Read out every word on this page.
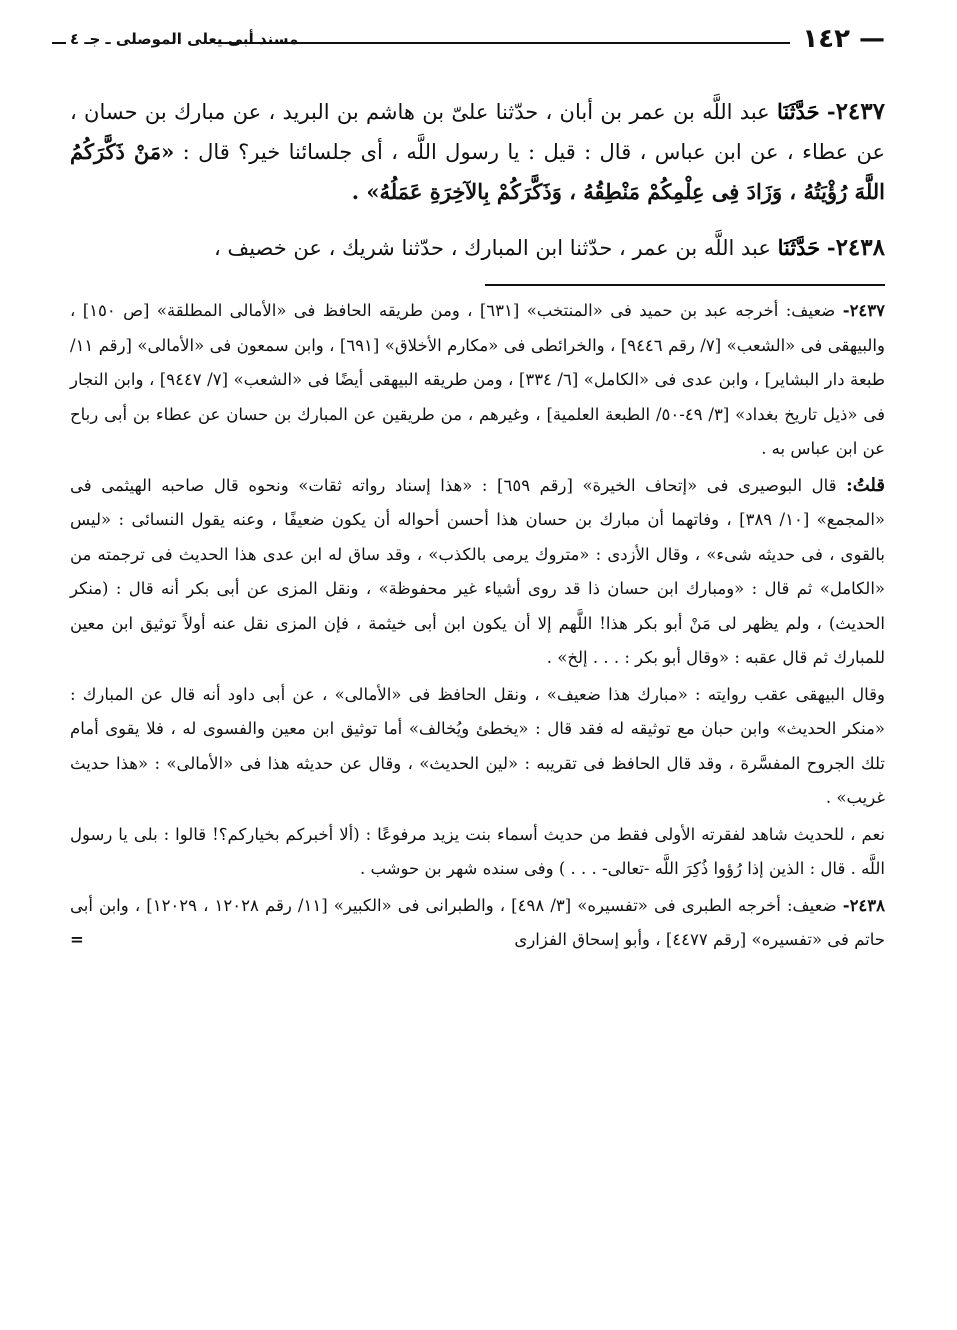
— ١٤٢
مسند أبى يعلى الموصلى ـ جـ ٤

٢٤٣٧- حَدَّثَنَا عبد اللَّه بن عمر بن أبان ، حدّثنا علىّ بن هاشم بن البريد ، عن مبارك بن حسان ، عن عطاء ، عن ابن عباس ، قال : قيل : يا رسول اللَّه ، أى جلسائنا خير؟ قال : «مَنْ ذَكَّرَكُمُ اللَّهَ رُؤْيَتُهُ ، وَزَادَ فِى عِلْمِكُمْ مَنْطِقُهُ ، وَذَكَّرَكُمْ بِالآخِرَةِ عَمَلُهُ» .

٢٤٣٨- حَدَّثَنَا عبد اللَّه بن عمر ، حدّثنا ابن المبارك ، حدّثنا شريك ، عن خصيف ،

٢٤٣٧- ضعيف: أخرجه عبد بن حميد فى «المنتخب» [٦٣١] ، ومن طريقه الحافظ فى «الأمالى المطلقة» [ص ١٥٠] ، والبيهقى فى «الشعب» [٧/ رقم ٩٤٤٦] ، والخرائطى فى «مكارم الأخلاق» [٦٩١] ، وابن سمعون فى «الأمالى» [رقم ١١/ طبعة دار البشاير] ، وابن عدى فى «الكامل» [٦/ ٣٣٤] ، ومن طريقه البيهقى أيضًا فى «الشعب» [٧/ ٩٤٤٧] ، وابن النجار فى «ذيل تاريخ بغداد» [٣/ ٤٩-٥٠/ الطبعة العلمية] ، وغيرهم ، من طريقين عن المبارك بن حسان عن عطاء بن أبى رباح عن ابن عباس به .

قلتُ: قال البوصيرى فى «إتحاف الخيرة» [رقم ٦٥٩] : «هذا إسناد رواته ثقات» ونحوه قال صاحبه الهيثمى فى «المجمع» [١٠/ ٣٨٩] ، وفاتهما أن مبارك بن حسان هذا أحسن أحواله أن يكون ضعيفًا ، وعنه يقول النسائى : «ليس بالقوى ، فى حديثه شىء» ، وقال الأزدى : «متروك يرمى بالكذب» ، وقد ساق له ابن عدى هذا الحديث فى ترجمته من «الكامل» ثم قال : «ومبارك ابن حسان ذا قد روى أشياء غير محفوظة» ، ونقل المزى عن أبى بكر أنه قال : (منكر الحديث) ، ولم يظهر لى مَنْ أبو بكر هذا! اللَّهم إلا أن يكون ابن أبى خيثمة ، فإن المزى نقل عنه أولاً توثيق ابن معين للمبارك ثم قال عقبه : «وقال أبو بكر : . . . إلخ» .

وقال البيهقى عقب روايته : «مبارك هذا ضعيف» ، ونقل الحافظ فى «الأمالى» ، عن أبى داود أنه قال عن المبارك : «منكر الحديث» وابن حبان مع توثيقه له فقد قال : «يخطئ ويُخالف» أما توثيق ابن معين والفسوى له ، فلا يقوى أمام تلك الجروح المفسَّرة ، وقد قال الحافظ فى تقريبه : «لين الحديث» ، وقال عن حديثه هذا فى «الأمالى» : «هذا حديث غريب» .

نعم ، للحديث شاهد لفقرته الأولى فقط من حديث أسماء بنت يزيد مرفوعًا : (ألا أخبركم بخياركم؟! قالوا : بلى يا رسول اللَّه . قال : الذين إذا رُؤوا ذُكِرَ اللَّه -تعالى- . . . ) وفى سنده شهر بن حوشب .

٢٤٣٨- ضعيف: أخرجه الطبرى فى «تفسيره» [٣/ ٤٩٨] ، والطبرانى فى «الكبير» [١١/ رقم ١٢٠٢٨ ، ١٢٠٢٩] ، وابن أبى حاتم فى «تفسيره» [رقم ٤٤٧٧] ، وأبو إسحاق الفزارى
=
